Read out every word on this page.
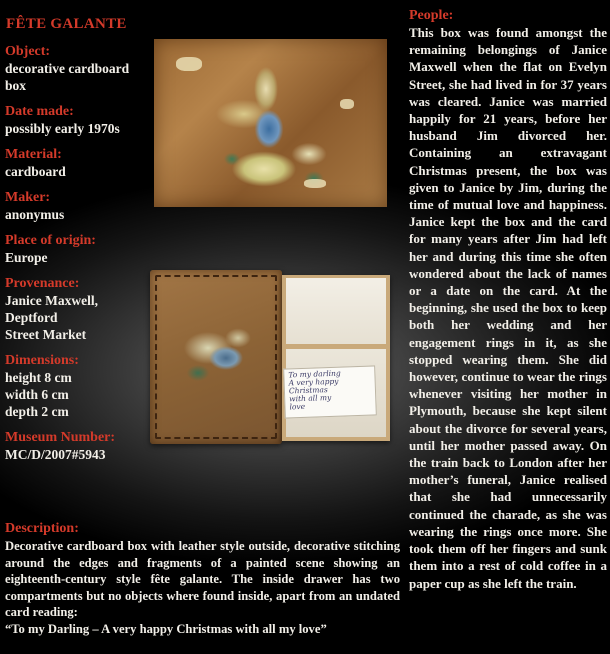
FÊTE GALANTE
Object:
decorative cardboard
box
Date made:
possibly early 1970s
Material:
cardboard
Maker:
anonymus
Place of origin:
Europe
Provenance:
Janice Maxwell,
Deptford
Street Market
Dimensions:
height 8 cm
width 6 cm
depth 2 cm
Museum Number:
MC/D/2007#5943
To my darling
A very happy
Christmas
with all my
love
People:

This box was found amongst the remaining belongings of Janice Maxwell when the flat on Evelyn Street, she had lived in for 37 years was cleared. Janice was married happily for 21 years, before her husband Jim divorced her. Containing an extravagant Christmas present, the box was given to Janice by Jim, during the time of mutual love and happiness. Janice kept the box and the card for many years after Jim had left her and during this time she often wondered about the lack of names or a date on the card. At the beginning, she used the box to keep both her wedding and her engagement rings in it, as she stopped wearing them. She did however, continue to wear the rings whenever visiting her mother in Plymouth, because she kept silent about the divorce for several years, until her mother passed away. On the train back to London after her mother’s funeral, Janice realised that she had unnecessarily continued the charade, as she was wearing the rings once more. She took them off her fingers and sunk them into a rest of cold coffee in a paper cup as she left the train.

Description:

Decorative cardboard box with leather style outside, decorative stitching around the edges and fragments of a painted scene showing an eighteenth-century style fête galante. The inside drawer has two compartments but no objects where found inside, apart from an undated card reading:

“To my Darling – A very happy Christmas with all my love”
